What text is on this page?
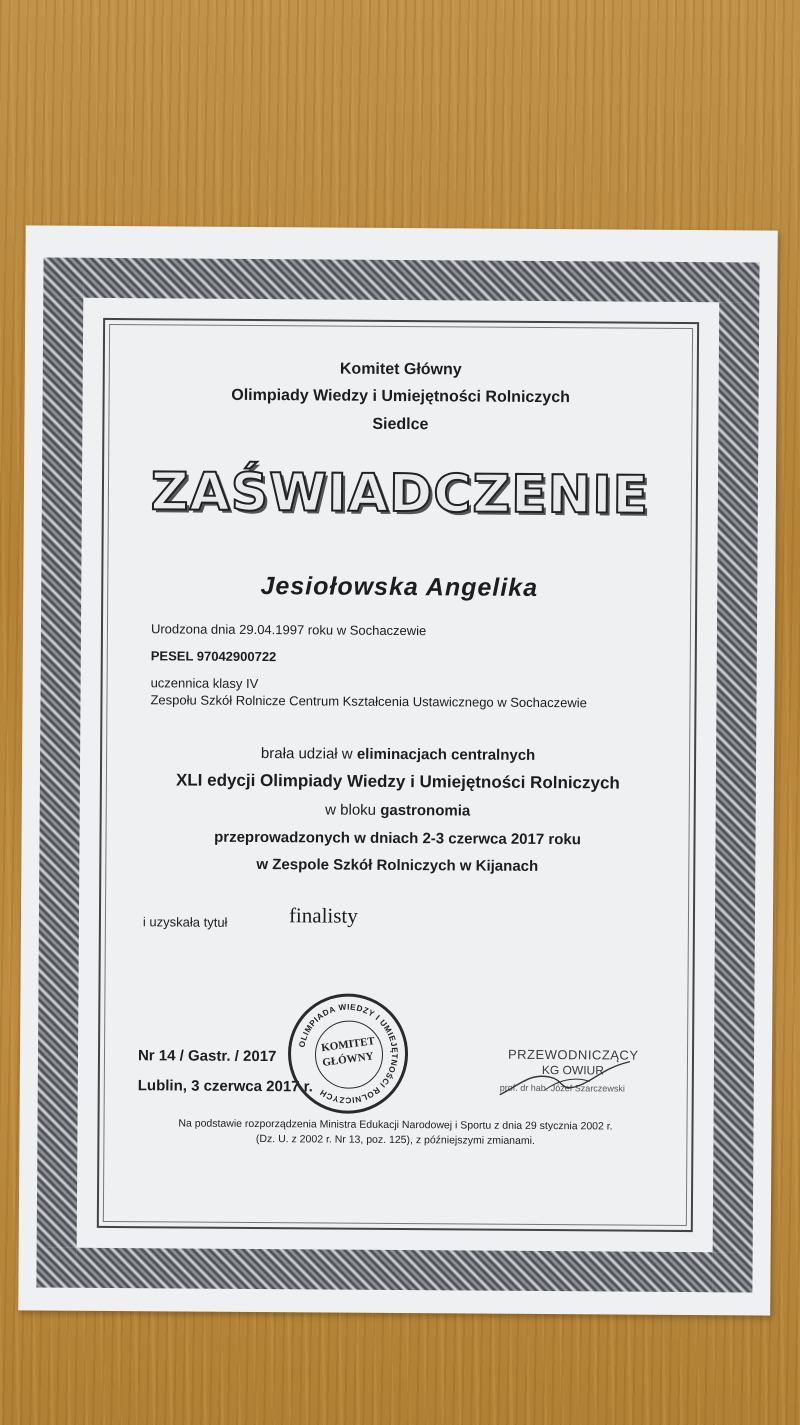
Komitet Główny
Olimpiady Wiedzy i Umiejętności Rolniczych
Siedlce
ZAŚWIADCZENIE
Jesiołowska Angelika
Urodzona dnia 29.04.1997 roku w Sochaczewie
PESEL 97042900722
uczennica klasy IV
Zespołu Szkół Rolnicze Centrum Kształcenia Ustawicznego w Sochaczewie
brała udział w eliminacjach centralnych
XLI edycji Olimpiady Wiedzy i Umiejętności Rolniczych
w bloku gastronomia
przeprowadzonych w dniach 2-3 czerwca 2017 roku
w Zespole Szkół Rolniczych w Kijanach
i uzyskała tytuł	finalisty
Nr 14 / Gastr. / 2017
Lublin, 3 czerwca 2017 r.
OLIMPIADA WIEDZY I UMIEJĘTNOŚCI ROLNICZYCH
KOMITET
GŁÓWNY	PRZEWODNICZĄCY
KG OWIUR
prof. dr hab. Józef Szarczewski
Na podstawie rozporządzenia Ministra Edukacji Narodowej i Sportu z dnia 29 stycznia 2002 r.
(Dz. U. z 2002 r. Nr 13, poz. 125), z późniejszymi zmianami.
